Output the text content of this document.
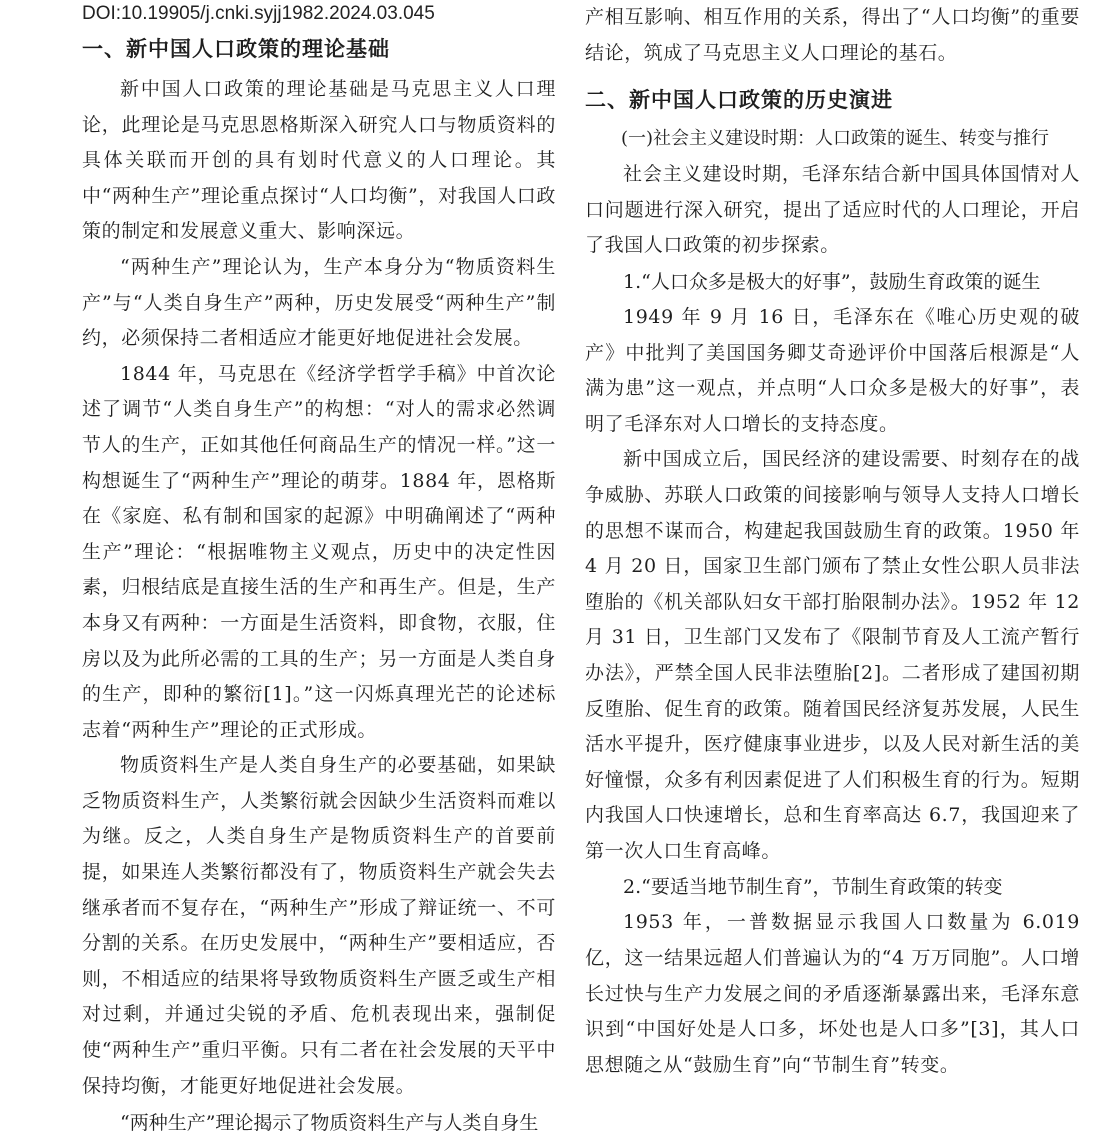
DOI:10.19905/j.cnki.syjj1982.2024.03.045
一、新中国人口政策的理论基础

新中国人口政策的理论基础是马克思主义人口理论，此理论是马克思恩格斯深入研究人口与物质资料的具体关联而开创的具有划时代意义的人口理论。其中“两种生产”理论重点探讨“人口均衡”，对我国人口政策的制定和发展意义重大、影响深远。

“两种生产”理论认为，生产本身分为“物质资料生产”与“人类自身生产”两种，历史发展受“两种生产”制约，必须保持二者相适应才能更好地促进社会发展。

1844 年，马克思在《经济学哲学手稿》中首次论述了调节“人类自身生产”的构想：“对人的需求必然调节人的生产，正如其他任何商品生产的情况一样。”这一构想诞生了“两种生产”理论的萌芽。1884 年，恩格斯在《家庭、私有制和国家的起源》中明确阐述了“两种生产”理论：“根据唯物主义观点，历史中的决定性因素，归根结底是直接生活的生产和再生产。但是，生产本身又有两种：一方面是生活资料，即食物，衣服，住房以及为此所必需的工具的生产；另一方面是人类自身的生产，即种的繁衍[1]。”这一闪烁真理光芒的论述标志着“两种生产”理论的正式形成。

物质资料生产是人类自身生产的必要基础，如果缺乏物质资料生产，人类繁衍就会因缺少生活资料而难以为继。反之，人类自身生产是物质资料生产的首要前提，如果连人类繁衍都没有了，物质资料生产就会失去继承者而不复存在，“两种生产”形成了辩证统一、不可分割的关系。在历史发展中，“两种生产”要相适应，否则，不相适应的结果将导致物质资料生产匮乏或生产相对过剩，并通过尖锐的矛盾、危机表现出来，强制促使“两种生产”重归平衡。只有二者在社会发展的天平中保持均衡，才能更好地促进社会发展。

“两种生产”理论揭示了物质资料生产与人类自身生

产相互影响、相互作用的关系，得出了“人口均衡”的重要结论，筑成了马克思主义人口理论的基石。

二、新中国人口政策的历史演进
(一)社会主义建设时期：人口政策的诞生、转变与推行

社会主义建设时期，毛泽东结合新中国具体国情对人口问题进行深入研究，提出了适应时代的人口理论，开启了我国人口政策的初步探索。

1.“人口众多是极大的好事”，鼓励生育政策的诞生

1949 年 9 月 16 日，毛泽东在《唯心历史观的破产》中批判了美国国务卿艾奇逊评价中国落后根源是“人满为患”这一观点，并点明“人口众多是极大的好事”，表明了毛泽东对人口增长的支持态度。

新中国成立后，国民经济的建设需要、时刻存在的战争威胁、苏联人口政策的间接影响与领导人支持人口增长的思想不谋而合，构建起我国鼓励生育的政策。1950 年 4 月 20 日，国家卫生部门颁布了禁止女性公职人员非法堕胎的《机关部队妇女干部打胎限制办法》。1952 年 12 月 31 日，卫生部门又发布了《限制节育及人工流产暂行办法》，严禁全国人民非法堕胎[2]。二者形成了建国初期反堕胎、促生育的政策。随着国民经济复苏发展，人民生活水平提升，医疗健康事业进步，以及人民对新生活的美好憧憬，众多有利因素促进了人们积极生育的行为。短期内我国人口快速增长，总和生育率高达 6.7，我国迎来了第一次人口生育高峰。

2.“要适当地节制生育”，节制生育政策的转变

1953 年，一普数据显示我国人口数量为 6.019 亿，这一结果远超人们普遍认为的“4 万万同胞”。人口增长过快与生产力发展之间的矛盾逐渐暴露出来，毛泽东意识到“中国好处是人口多，坏处也是人口多”[3]，其人口思想随之从“鼓励生育”向“节制生育”转变。
